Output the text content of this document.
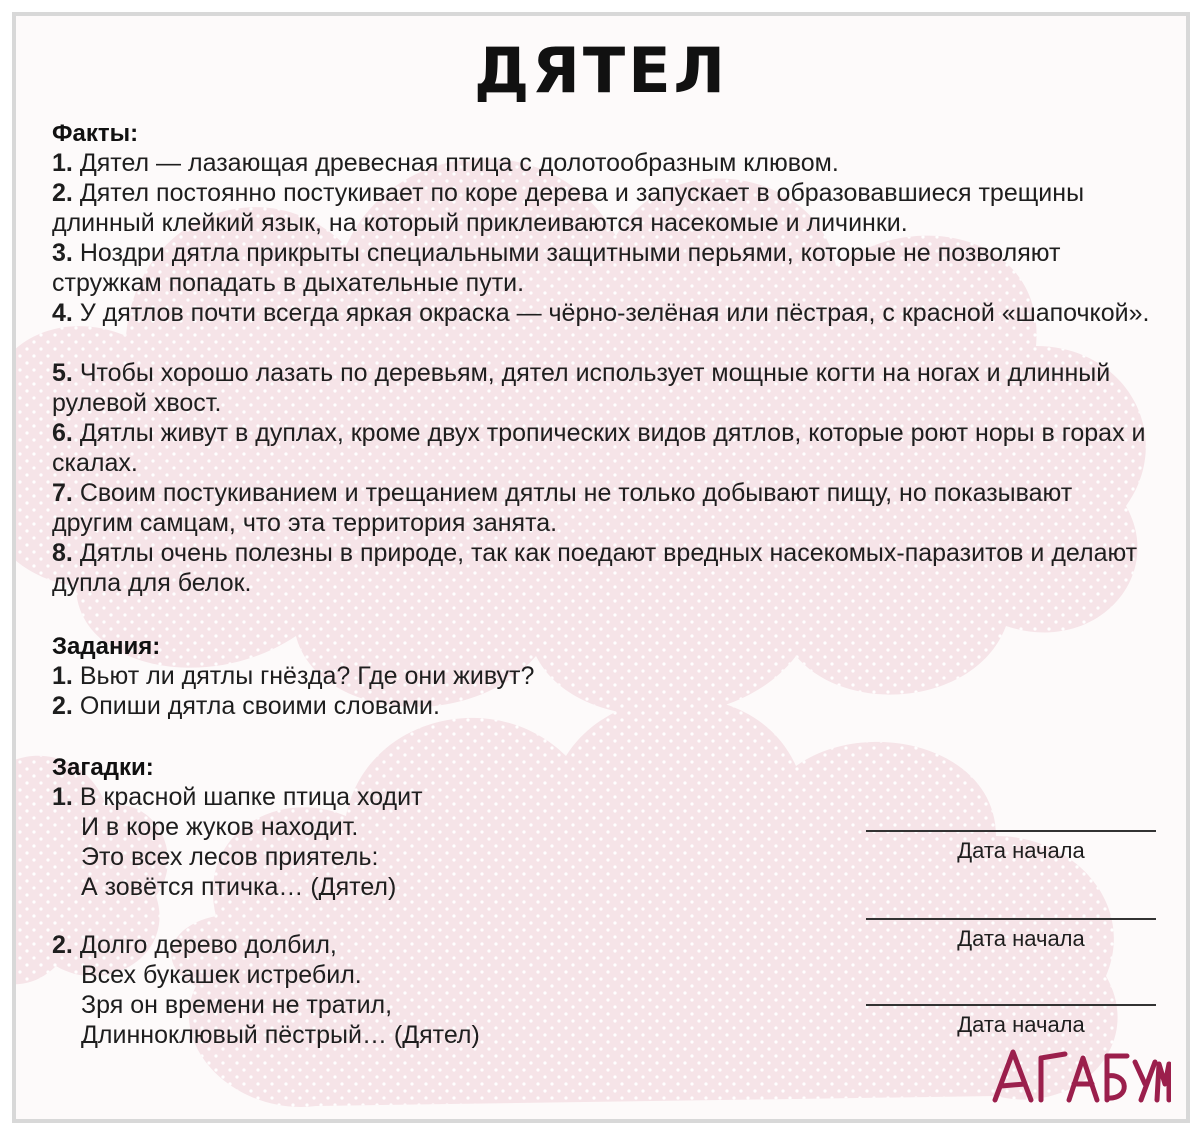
ДЯТЕЛ
Факты:
1. Дятел — лазающая древесная птица с долотообразным клювом.
2. Дятел постоянно постукивает по коре дерева и запускает в образовавшиеся трещины длинный клейкий язык, на который приклеиваются насекомые и личинки.
3. Ноздри дятла прикрыты специальными защитными перьями, которые не позволяют стружкам попадать в дыхательные пути.
4. У дятлов почти всегда яркая окраска — чёрно-зелёная или пёстрая, с красной «шапочкой».
5. Чтобы хорошо лазать по деревьям, дятел использует мощные когти на ногах и длинный рулевой хвост.
6. Дятлы живут в дуплах, кроме двух тропических видов дятлов, которые роют норы в горах и скалах.
7. Своим постукиванием и трещанием дятлы не только добывают пищу, но показывают другим самцам, что эта территория занята.
8. Дятлы очень полезны в природе, так как поедают вредных насекомых-паразитов и делают дупла для белок.
Задания:
1. Вьют ли дятлы гнёзда? Где они живут?
2. Опиши дятла своими словами.
Загадки:
1. В красной шапке птица ходит
И в коре жуков находит.
Это всех лесов приятель:
А зовётся птичка… (Дятел)
2. Долго дерево долбил,
Всех букашек истребил.
Зря он времени не тратил,
Длинноклювый пёстрый… (Дятел)
Дата начала
Дата начала
Дата начала
